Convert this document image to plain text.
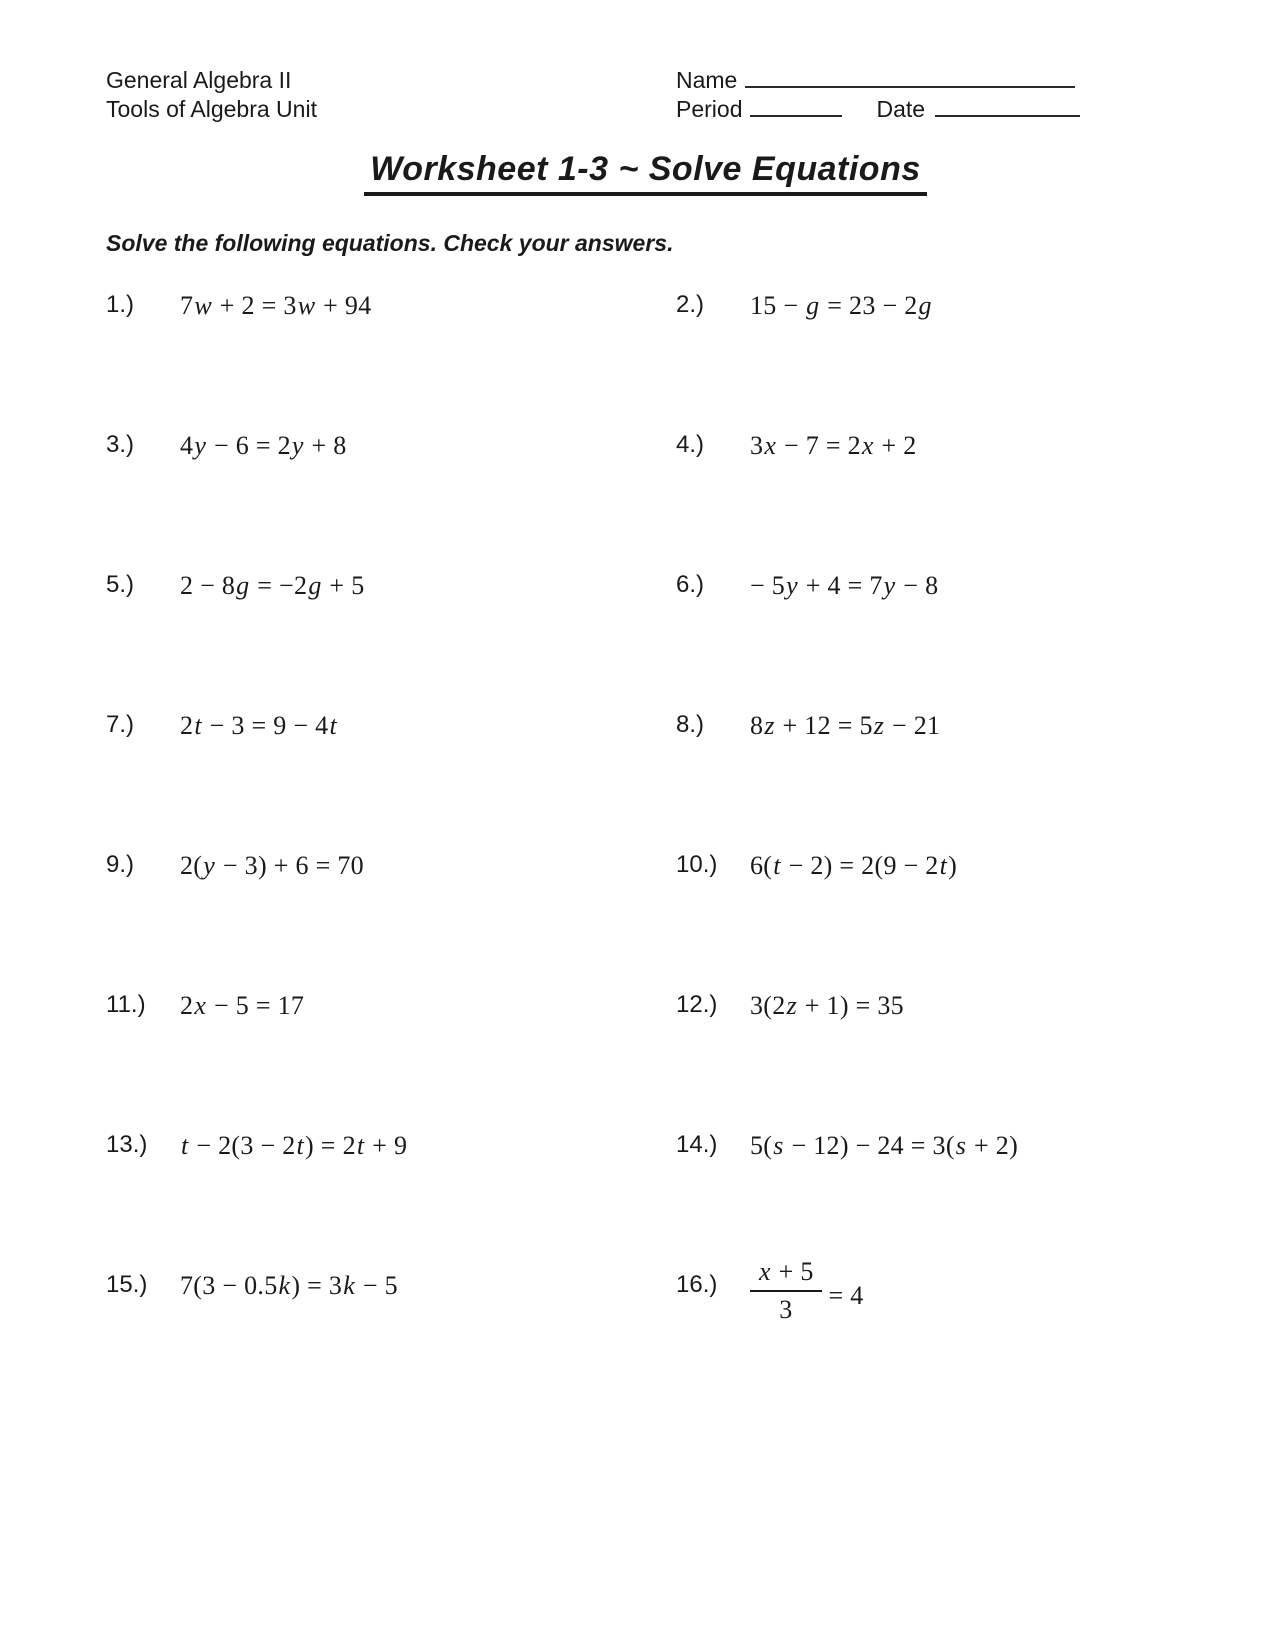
General Algebra II
Tools of Algebra Unit
Name
Period	Date
Worksheet 1-3 ~ Solve Equations
Solve the following equations. Check your answers.
1.)	7w + 2 = 3w + 94	2.)	15 − g = 23 − 2g
3.)	4y − 6 = 2y + 8	4.)	3x − 7 = 2x + 2
5.)	2 − 8g = −2g + 5	6.)	− 5y + 4 = 7y − 8
7.)	2t − 3 = 9 − 4t	8.)	8z + 12 = 5z − 21
9.)	2(y − 3) + 6 = 70	10.)	6(t − 2) = 2(9 − 2t)
11.)	2x − 5 = 17	12.)	3(2z + 1) = 35
13.)	t − 2(3 − 2t) = 2t + 9	14.)	5(s − 12) − 24 = 3(s + 2)
15.)	7(3 − 0.5k) = 3k − 5	16.)	$\frac{x + 5}{3} = 4$
